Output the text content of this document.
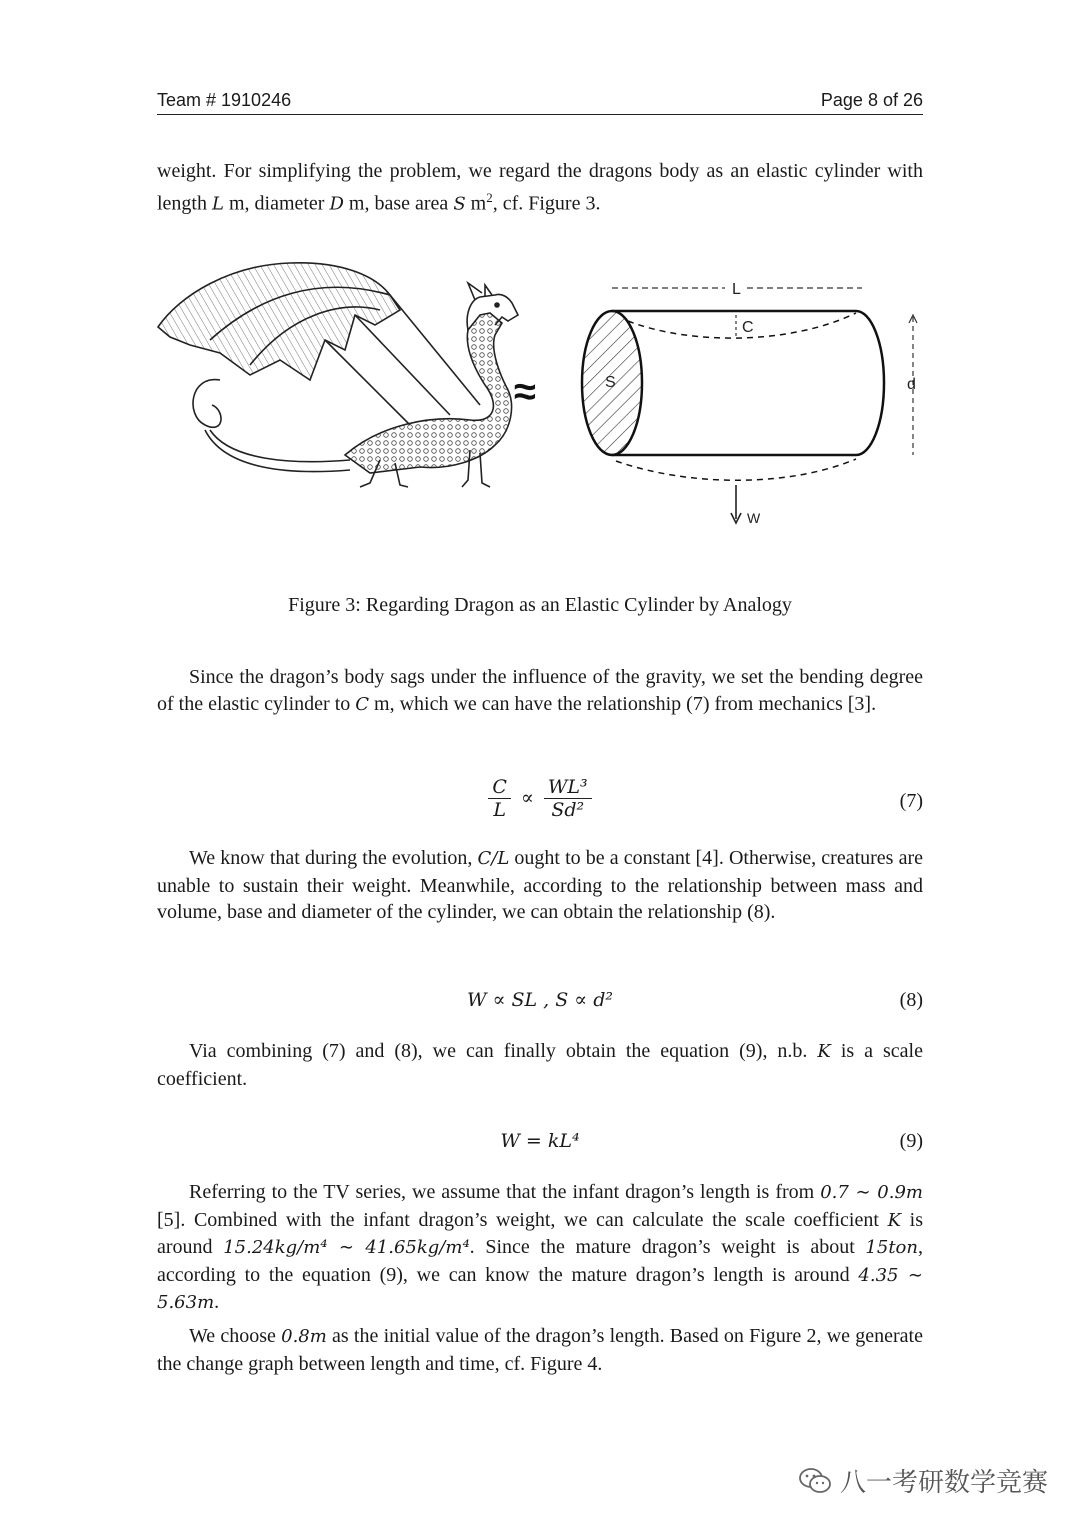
Team # 1910246	Page 8 of 26
weight. For simplifying the problem, we regard the dragons body as an elastic cylinder with length L m, diameter D m, base area S $m^2$, cf. Figure 3.
≈
L
C
S	d
W
Figure 3: Regarding Dragon as an Elastic Cylinder by Analogy
Since the dragon’s body sags under the influence of the gravity, we set the bending degree of the elastic cylinder to C m, which we can have the relationship (7) from mechanics [3].
$\frac{C}{L} \propto \frac{\text{WL³}}{\text{Sd²}}$	(7)
We know that during the evolution, C/L ought to be a constant [4]. Otherwise, creatures are unable to sustain their weight. Meanwhile, according to the relationship between mass and volume, base and diameter of the cylinder, we can obtain the relationship (8).
W ∝ SL , S ∝ d²	(8)
Via combining (7) and (8), we can finally obtain the equation (9), n.b. K is a scale coefficient.
W = kL⁴	(9)
Referring to the TV series, we assume that the infant dragon’s length is from 0.7 ∼ 0.9m [5]. Combined with the infant dragon’s weight, we can calculate the scale coefficient K is around 15.24kg/m⁴ ∼ 41.65kg/m⁴. Since the mature dragon’s weight is about 15ton, according to the equation (9), we can know the mature dragon’s length is around 4.35 ∼ 5.63m.
We choose 0.8m as the initial value of the dragon’s length. Based on Figure 2, we generate the change graph between length and time, cf. Figure 4.
八一考研数学竞赛
